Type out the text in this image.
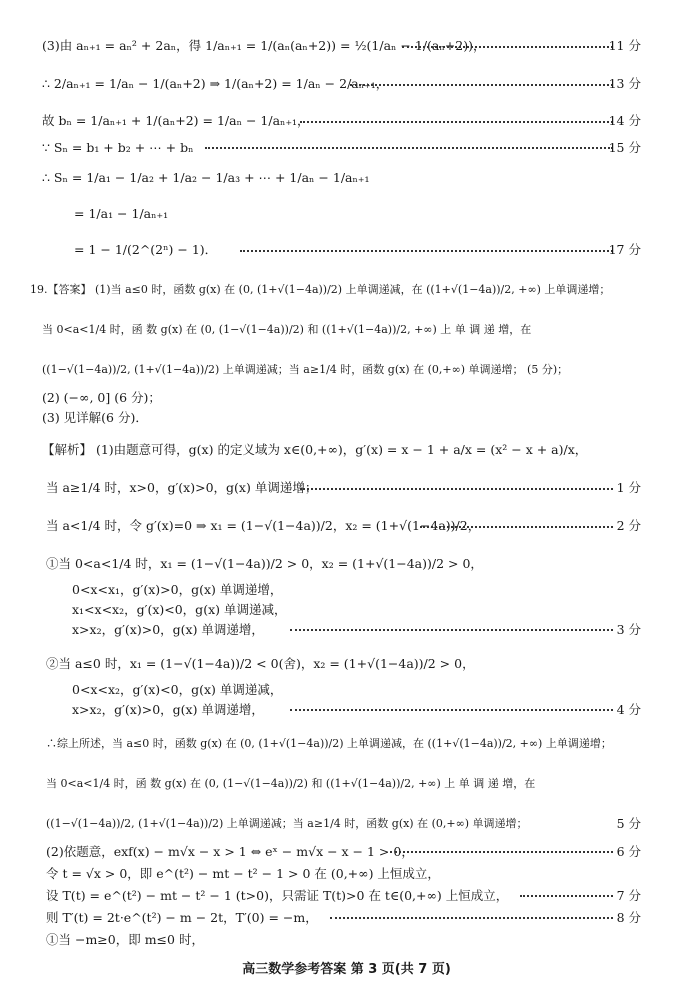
(3)由 aₙ₊₁ = aₙ² + 2aₙ，得 1/aₙ₊₁ = 1/(aₙ(aₙ+2)) = ½(1/aₙ − 1/(aₙ+2))，	11 分
∴ 2/aₙ₊₁ = 1/aₙ − 1/(aₙ+2) ⇒ 1/(aₙ+2) = 1/aₙ − 2/aₙ₊₁，	13 分
故 bₙ = 1/aₙ₊₁ + 1/(aₙ+2) = 1/aₙ − 1/aₙ₊₁，	14 分
∵ Sₙ = b₁ + b₂ + ⋯ + bₙ	15 分
∴ Sₙ = 1/a₁ − 1/a₂ + 1/a₂ − 1/a₃ + ⋯ + 1/aₙ − 1/aₙ₊₁
= 1/a₁ − 1/aₙ₊₁
= 1 − 1/(2^(2ⁿ) − 1)．	17 分
19.【答案】 (1)当 a≤0 时，函数 g(x) 在 (0, (1+√(1−4a))/2) 上单调递减，在 ((1+√(1−4a))/2, +∞) 上单调递增；
当 0<a<1/4 时，函 数 g(x) 在 (0, (1−√(1−4a))/2) 和 ((1+√(1−4a))/2, +∞) 上 单 调 递 增，在
((1−√(1−4a))/2, (1+√(1−4a))/2) 上单调递减；当 a≥1/4 时，函数 g(x) 在 (0,+∞) 单调递增； (5 分)；
(2) (−∞, 0] (6 分)；
(3) 见详解(6 分)．
【解析】 (1)由题意可得，g(x) 的定义域为 x∈(0,+∞)，g′(x) = x − 1 + a/x = (x² − x + a)/x，
当 a≥1/4 时，x>0，g′(x)>0，g(x) 单调递增；	1 分
当 a<1/4 时，令 g′(x)=0 ⇒ x₁ = (1−√(1−4a))/2，x₂ = (1+√(1−4a))/2，	2 分
①当 0<a<1/4 时，x₁ = (1−√(1−4a))/2 > 0，x₂ = (1+√(1−4a))/2 > 0，
0<x<x₁，g′(x)>0，g(x) 单调递增，
x₁<x<x₂，g′(x)<0，g(x) 单调递减，
x>x₂，g′(x)>0，g(x) 单调递增，	3 分
②当 a≤0 时，x₁ = (1−√(1−4a))/2 < 0(舍)，x₂ = (1+√(1−4a))/2 > 0，
0<x<x₂，g′(x)<0，g(x) 单调递减，
x>x₂，g′(x)>0，g(x) 单调递增，	4 分
∴综上所述，当 a≤0 时，函数 g(x) 在 (0, (1+√(1−4a))/2) 上单调递减，在 ((1+√(1−4a))/2, +∞) 上单调递增；
当 0<a<1/4 时，函 数 g(x) 在 (0, (1−√(1−4a))/2) 和 ((1+√(1−4a))/2, +∞) 上 单 调 递 增，在
((1−√(1−4a))/2, (1+√(1−4a))/2) 上单调递减；当 a≥1/4 时，函数 g(x) 在 (0,+∞) 单调递增；	5 分
(2)依题意，exf(x) − m√x − x > 1 ⇔ eˣ − m√x − x − 1 > 0，	6 分
令 t = √x > 0，即 e^(t²) − mt − t² − 1 > 0 在 (0,+∞) 上恒成立，
设 T(t) = e^(t²) − mt − t² − 1 (t>0)，只需证 T(t)>0 在 t∈(0,+∞) 上恒成立，	7 分
则 T′(t) = 2t·e^(t²) − m − 2t，T′(0) = −m，	8 分
①当 −m≥0，即 m≤0 时，
高三数学参考答案 第 3 页(共 7 页)
